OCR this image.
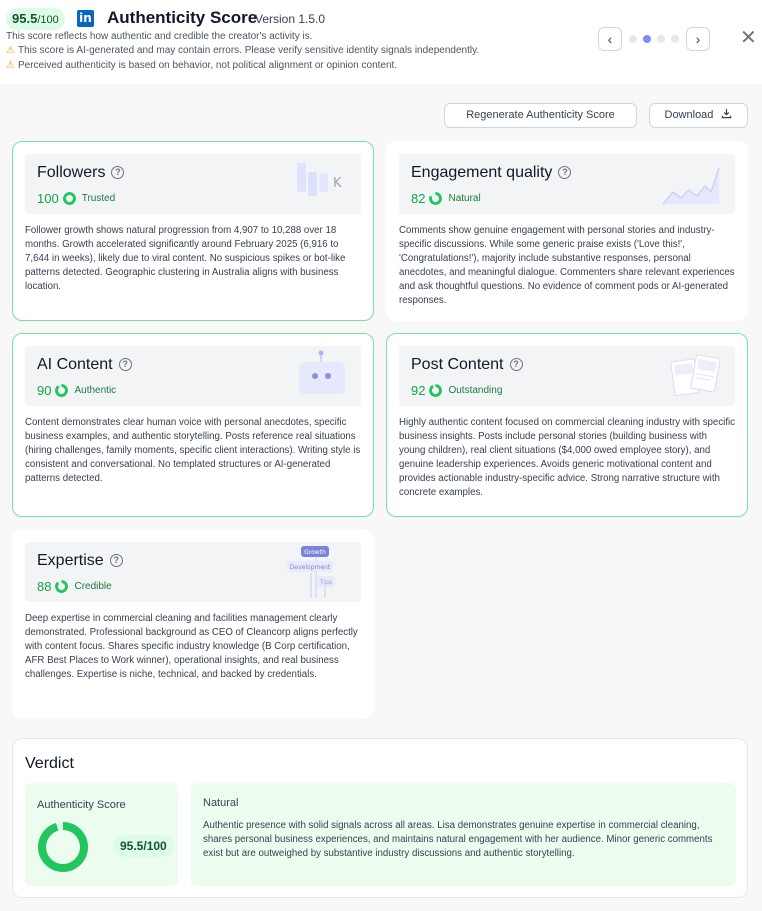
95.5/100	in Authenticity Score
Version 1.5.0
This score reflects how authentic and credible the creator's activity is.
⚠ This score is AI-generated and may contain errors. Please verify sensitive identity signals independently.
⚠ Perceived authenticity is based on behavior, not political alignment or opinion content.
‹	›	✕
Regenerate Authenticity Score	Download
Followers ?
100 Trusted
K
Follower growth shows natural progression from 4,907 to 10,288 over 18 months. Growth accelerated significantly around February 2025 (6,916 to 7,644 in weeks), likely due to viral content. No suspicious spikes or bot-like patterns detected. Geographic clustering in Australia aligns with business location.
Engagement quality ?
82 Natural
Comments show genuine engagement with personal stories and industry-specific discussions. While some generic praise exists ('Love this!', 'Congratulations!'), majority include substantive responses, personal anecdotes, and meaningful dialogue. Commenters share relevant experiences and ask thoughtful questions. No evidence of comment pods or AI-generated responses.
AI Content ?
90 Authentic
Content demonstrates clear human voice with personal anecdotes, specific business examples, and authentic storytelling. Posts reference real situations (hiring challenges, family moments, specific client interactions). Writing style is consistent and conversational. No templated structures or AI-generated patterns detected.
Post Content ?
92 Outstanding
Highly authentic content focused on commercial cleaning industry with specific business insights. Posts include personal stories (building business with young children), real client situations ($4,000 owed employee story), and genuine leadership experiences. Avoids generic motivational content and provides actionable industry-specific advice. Strong narrative structure with concrete examples.
Expertise ?
88 Credible
Growth
Development
Tips
Deep expertise in commercial cleaning and facilities management clearly demonstrated. Professional background as CEO of Cleancorp aligns perfectly with content focus. Shares specific industry knowledge (B Corp certification, AFR Best Places to Work winner), operational insights, and real business challenges. Expertise is niche, technical, and backed by credentials.
Verdict
Authenticity Score
95.5/100
Natural
Authentic presence with solid signals across all areas. Lisa demonstrates genuine expertise in commercial cleaning, shares personal business experiences, and maintains natural engagement with her audience. Minor generic comments exist but are outweighed by substantive industry discussions and authentic storytelling.
